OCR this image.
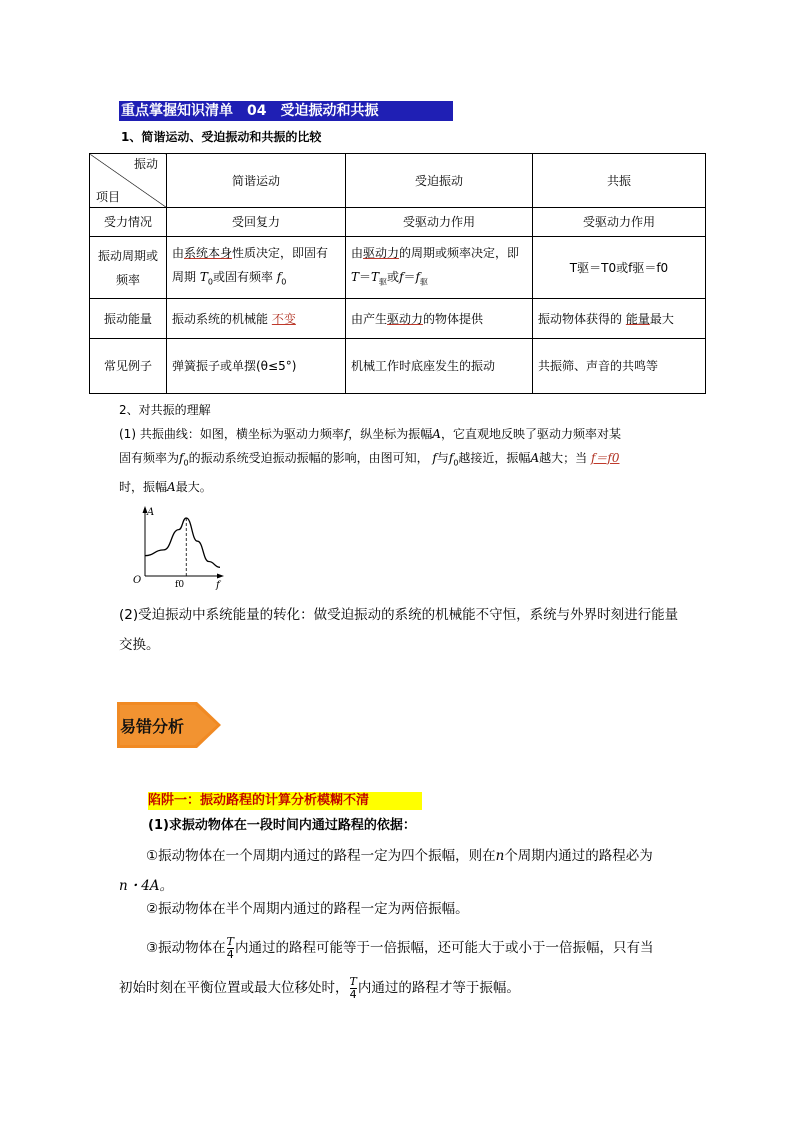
重点掌握知识清单 04 受迫振动和共振
1、简谐运动、受迫振动和共振的比较
振动
项目	简谐运动	受迫振动	共振
受力情况	受回复力	受驱动力作用	受驱动力作用
振动周期或频率	由系统本身性质决定，即固有周期 $T_0$或固有频率 $f_0$	由驱动力的周期或频率决定，即$T=T_驱$或$f=f_驱$	T驱＝T0或f驱＝f0
振动能量	振动系统的机械能 不变	由产生驱动力的物体提供	振动物体获得的 能量最大
常见例子	弹簧振子或单摆(θ≤5°)	机械工作时底座发生的振动	共振筛、声音的共鸣等
2、对共振的理解
(1) 共振曲线：如图，横坐标为驱动力频率f，纵坐标为振幅A，它直观地反映了驱动力频率对某
固有频率为$f_0$的振动系统受迫振动振幅的影响，由图可知， f与$f_0$越接近，振幅A越大；当 f＝f0
时，振幅A最大。
A
O	f
f0
(2)受迫振动中系统能量的转化：做受迫振动的系统的机械能不守恒，系统与外界时刻进行能量交换。
易错分析
陷阱一：振动路程的计算分析模糊不清
(1)求振动物体在一段时间内通过路程的依据：
①振动物体在一个周期内通过的路程一定为四个振幅，则在n个周期内通过的路程必为
n・4A。
②振动物体在半个周期内通过的路程一定为两倍振幅。
③振动物体在 $\frac{T}{4}$ 内通过的路程可能等于一倍振幅，还可能大于或小于一倍振幅，只有当
初始时刻在平衡位置或最大位移处时， $\frac{T}{4}$ 内通过的路程才等于振幅。
